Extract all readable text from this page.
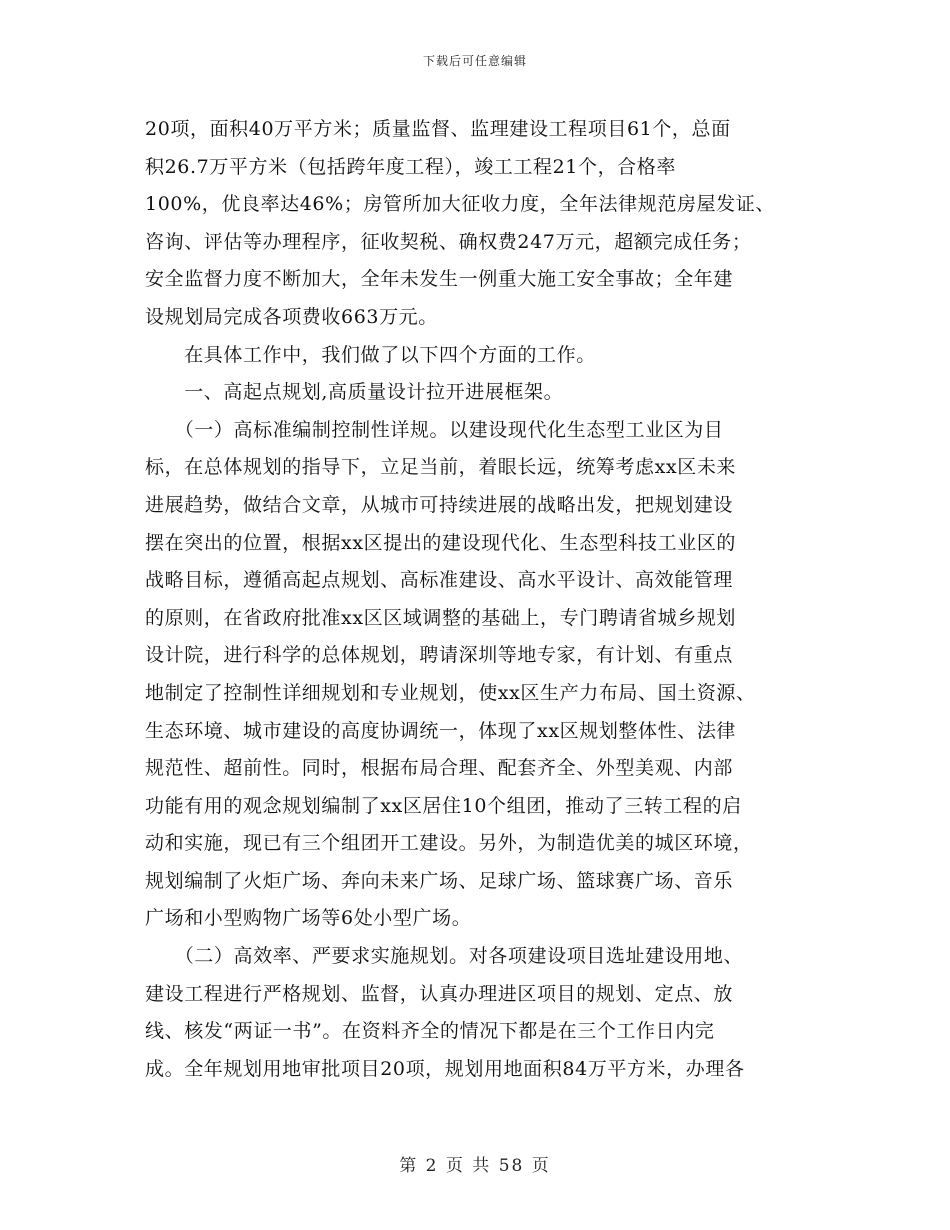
下载后可任意编辑
20项，面积40万平方米；质量监督、监理建设工程项目61个，总面
积26.7万平方米（包括跨年度工程），竣工工程21个，合格率
100%，优良率达46%；房管所加大征收力度，全年法律规范房屋发证、
咨询、评估等办理程序，征收契税、确权费247万元，超额完成任务；
安全监督力度不断加大，全年未发生一例重大施工安全事故；全年建
设规划局完成各项费收663万元。
　　在具体工作中，我们做了以下四个方面的工作。
　　一、高起点规划,高质量设计拉开进展框架。
　　（一）高标准编制控制性详规。以建设现代化生态型工业区为目
标，在总体规划的指导下，立足当前，着眼长远，统筹考虑xx区未来
进展趋势，做结合文章，从城市可持续进展的战略出发，把规划建设
摆在突出的位置，根据xx区提出的建设现代化、生态型科技工业区的
战略目标，遵循高起点规划、高标准建设、高水平设计、高效能管理
的原则，在省政府批准xx区区域调整的基础上，专门聘请省城乡规划
设计院，进行科学的总体规划，聘请深圳等地专家，有计划、有重点
地制定了控制性详细规划和专业规划，使xx区生产力布局、国土资源、
生态环境、城市建设的高度协调统一，体现了xx区规划整体性、法律
规范性、超前性。同时，根据布局合理、配套齐全、外型美观、内部
功能有用的观念规划编制了xx区居住10个组团，推动了三转工程的启
动和实施，现已有三个组团开工建设。另外，为制造优美的城区环境，
规划编制了火炬广场、奔向未来广场、足球广场、篮球赛广场、音乐
广场和小型购物广场等6处小型广场。
　　（二）高效率、严要求实施规划。对各项建设项目选址建设用地、
建设工程进行严格规划、监督，认真办理进区项目的规划、定点、放
线、核发“两证一书”。在资料齐全的情况下都是在三个工作日内完
成。全年规划用地审批项目20项，规划用地面积84万平方米，办理各
第 2 页 共 58 页
